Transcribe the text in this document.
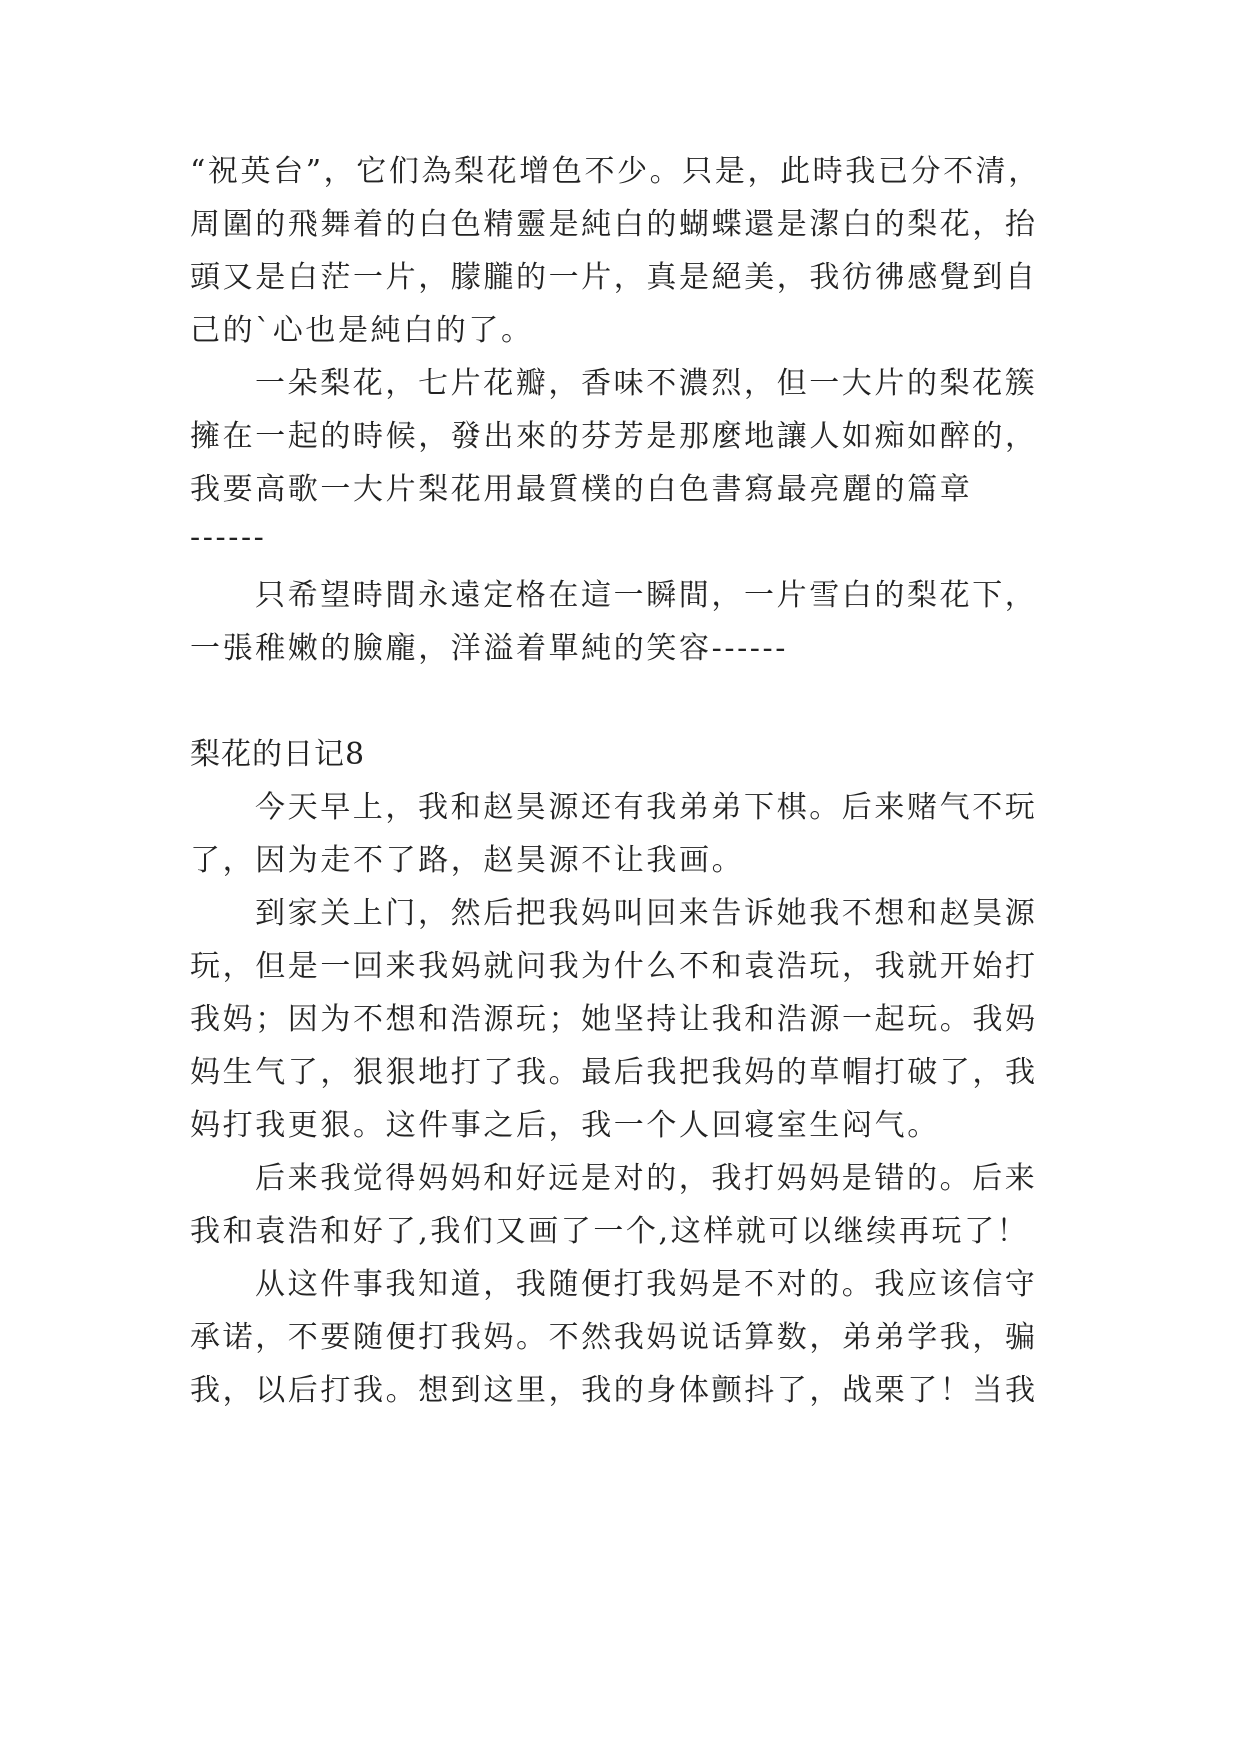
“祝英台”，它们為梨花增色不少。只是，此時我已分不清，
周圍的飛舞着的白色精靈是純白的蝴蝶還是潔白的梨花，抬
頭又是白茫一片，朦朧的一片，真是絕美，我彷彿感覺到自
己的`心也是純白的了。
一朵梨花，七片花瓣，香味不濃烈，但一大片的梨花簇
擁在一起的時候，發出來的芬芳是那麼地讓人如痴如醉的，
我要高歌一大片梨花用最質樸的白色書寫最亮麗的篇章
------
只希望時間永遠定格在這一瞬間，一片雪白的梨花下，
一張稚嫩的臉龐，洋溢着單純的笑容------
梨花的日记8
今天早上，我和赵昊源还有我弟弟下棋。后来赌气不玩
了，因为走不了路，赵昊源不让我画。
到家关上门，然后把我妈叫回来告诉她我不想和赵昊源
玩，但是一回来我妈就问我为什么不和袁浩玩，我就开始打
我妈；因为不想和浩源玩；她坚持让我和浩源一起玩。我妈
妈生气了，狠狠地打了我。最后我把我妈的草帽打破了，我
妈打我更狠。这件事之后，我一个人回寝室生闷气。
后来我觉得妈妈和好远是对的，我打妈妈是错的。后来
我和袁浩和好了,我们又画了一个,这样就可以继续再玩了！
从这件事我知道，我随便打我妈是不对的。我应该信守
承诺，不要随便打我妈。不然我妈说话算数，弟弟学我，骗
我，以后打我。想到这里，我的身体颤抖了，战栗了！当我
